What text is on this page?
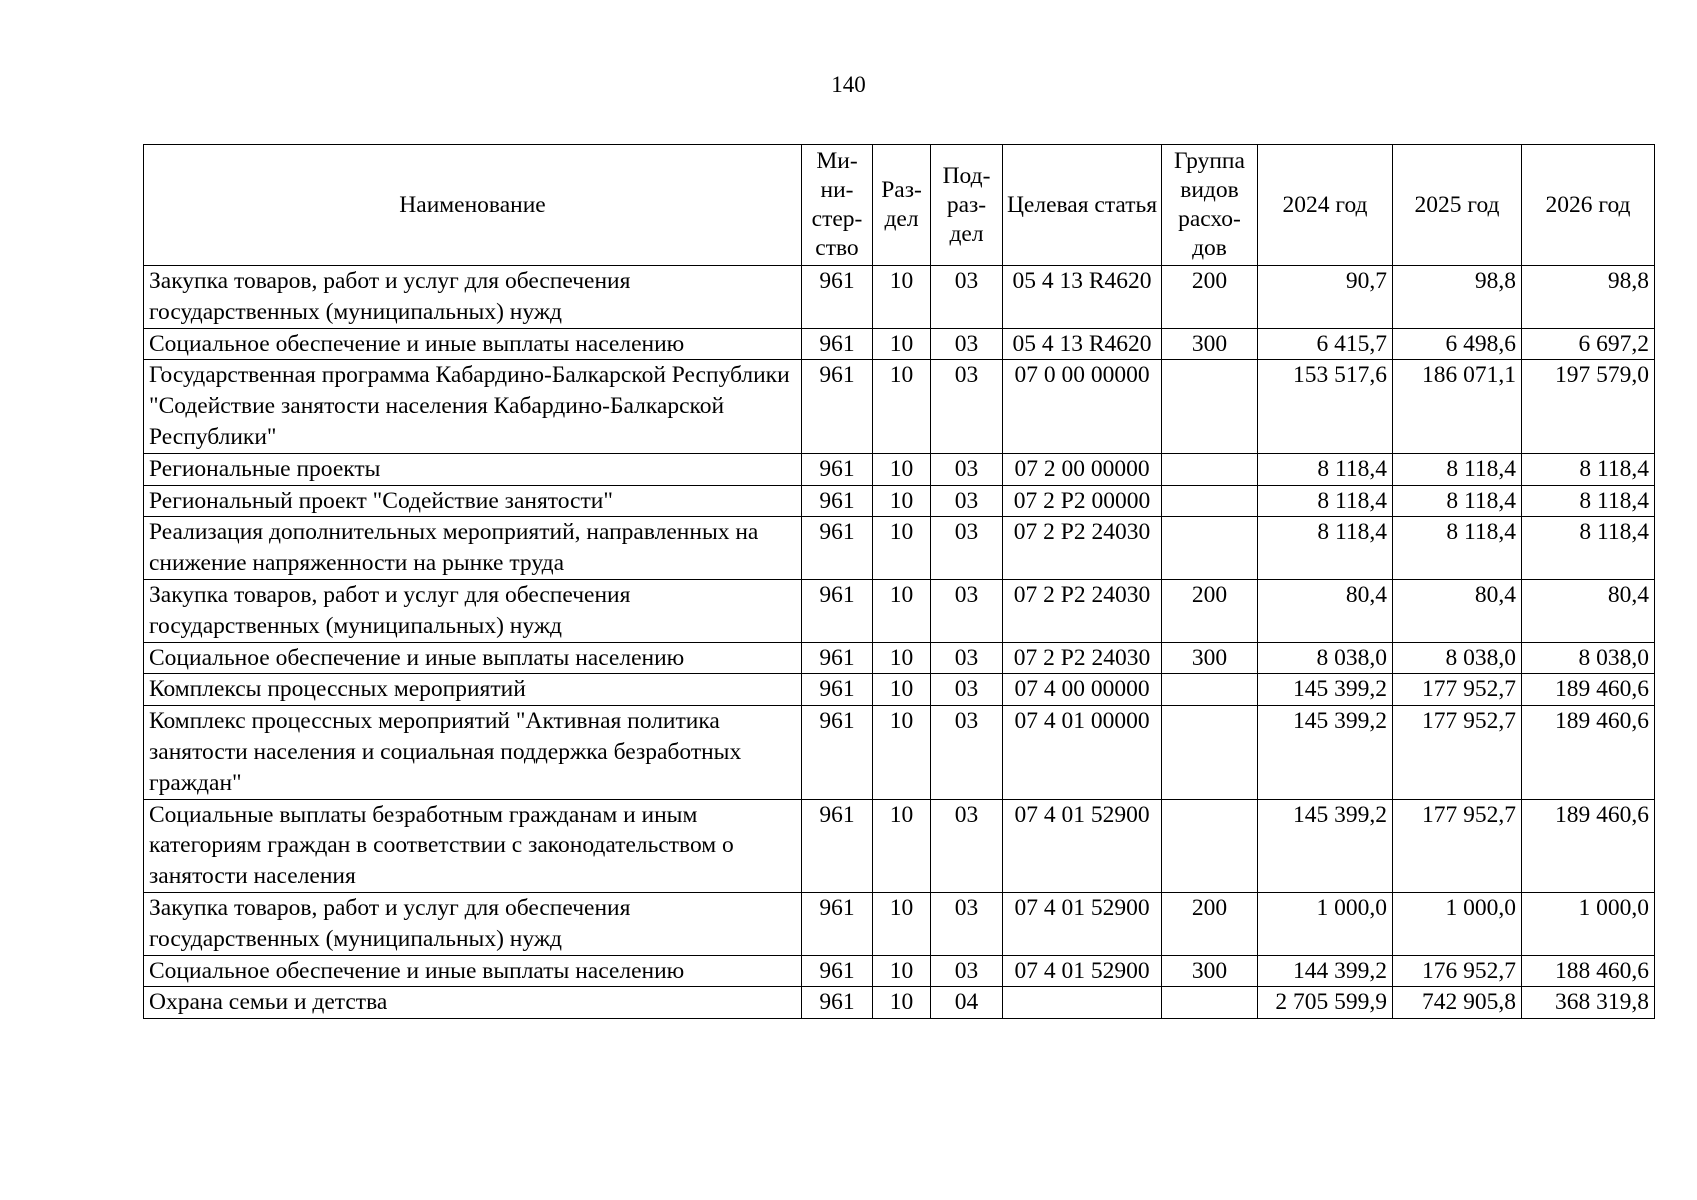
140
Наименование	Ми-ни-стер-ство	Раз-дел	Под-раз-дел	Целевая статья	Группа видов расхо-дов	2024 год	2025 год	2026 год
Закупка товаров, работ и услуг для обеспечения государственных (муниципальных) нужд	961	10	03	05 4 13 R4620	200	90,7	98,8	98,8
Социальное обеспечение и иные выплаты населению	961	10	03	05 4 13 R4620	300	6 415,7	6 498,6	6 697,2
Государственная программа Кабардино-Балкарской Республики "Содействие занятости населения Кабардино-Балкарской Республики"	961	10	03	07 0 00 00000		153 517,6	186 071,1	197 579,0
Региональные проекты	961	10	03	07 2 00 00000		8 118,4	8 118,4	8 118,4
Региональный проект "Содействие занятости"	961	10	03	07 2 P2 00000		8 118,4	8 118,4	8 118,4
Реализация дополнительных мероприятий, направленных на снижение напряженности на рынке труда	961	10	03	07 2 P2 24030		8 118,4	8 118,4	8 118,4
Закупка товаров, работ и услуг для обеспечения государственных (муниципальных) нужд	961	10	03	07 2 P2 24030	200	80,4	80,4	80,4
Социальное обеспечение и иные выплаты населению	961	10	03	07 2 P2 24030	300	8 038,0	8 038,0	8 038,0
Комплексы процессных мероприятий	961	10	03	07 4 00 00000		145 399,2	177 952,7	189 460,6
Комплекс процессных мероприятий "Активная политика занятости населения и социальная поддержка безработных граждан"	961	10	03	07 4 01 00000		145 399,2	177 952,7	189 460,6
Социальные выплаты безработным гражданам и иным категориям граждан в соответствии с законодательством о занятости населения	961	10	03	07 4 01 52900		145 399,2	177 952,7	189 460,6
Закупка товаров, работ и услуг для обеспечения государственных (муниципальных) нужд	961	10	03	07 4 01 52900	200	1 000,0	1 000,0	1 000,0
Социальное обеспечение и иные выплаты населению	961	10	03	07 4 01 52900	300	144 399,2	176 952,7	188 460,6
Охрана семьи и детства	961	10	04			2 705 599,9	742 905,8	368 319,8
